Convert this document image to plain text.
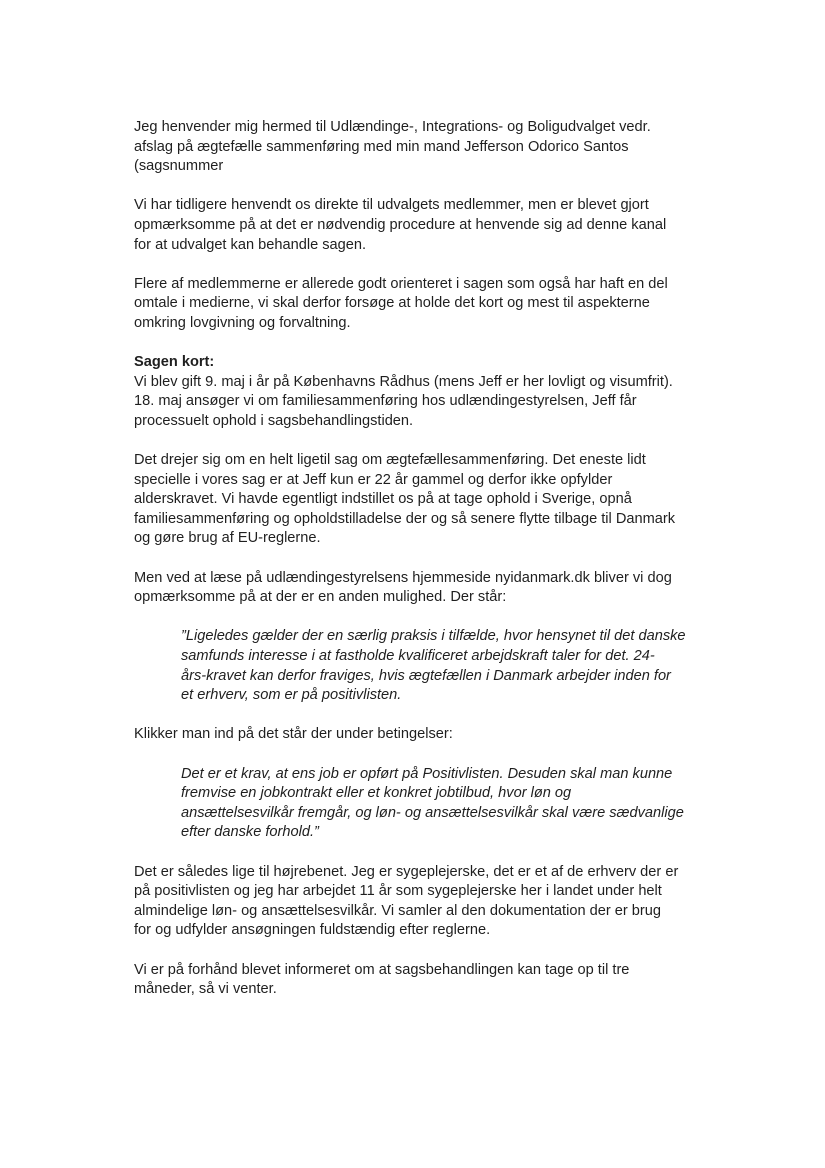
Jeg henvender mig hermed til Udlændinge-, Integrations- og Boligudvalget vedr.
afslag på ægtefælle sammenføring med min mand Jefferson Odorico Santos
(sagsnummer
Vi har tidligere henvendt os direkte til udvalgets medlemmer, men er blevet gjort
opmærksomme på at det er nødvendig procedure at henvende sig ad denne kanal
for at udvalget kan behandle sagen.
Flere af medlemmerne er allerede godt orienteret i sagen som også har haft en del
omtale i medierne, vi skal derfor forsøge at holde det kort og mest til aspekterne
omkring lovgivning og forvaltning.
Sagen kort:
Vi blev gift 9. maj i år på Københavns Rådhus (mens Jeff er her lovligt og visumfrit).
18. maj ansøger vi om familiesammenføring hos udlændingestyrelsen, Jeff får
processuelt ophold i sagsbehandlingstiden.
Det drejer sig om en helt ligetil sag om ægtefællesammenføring. Det eneste lidt
specielle i vores sag er at Jeff kun er 22 år gammel og derfor ikke opfylder
alderskravet. Vi havde egentligt indstillet os på at tage ophold i Sverige, opnå
familiesammenføring og opholdstilladelse der og så senere flytte tilbage til Danmark
og gøre brug af EU-reglerne.
Men ved at læse på udlændingestyrelsens hjemmeside nyidanmark.dk bliver vi dog
opmærksomme på at der er en anden mulighed. Der står:
”Ligeledes gælder der en særlig praksis i tilfælde, hvor hensynet til det danske
samfunds interesse i at fastholde kvalificeret arbejdskraft taler for det. 24-
års-kravet kan derfor fraviges, hvis ægtefællen i Danmark arbejder inden for
et erhverv, som er på positivlisten.
Klikker man ind på det står der under betingelser:
Det er et krav, at ens job er opført på Positivlisten. Desuden skal man kunne
fremvise en jobkontrakt eller et konkret jobtilbud, hvor løn og
ansættelsesvilkår fremgår, og løn- og ansættelsesvilkår skal være sædvanlige
efter danske forhold.”
Det er således lige til højrebenet. Jeg er sygeplejerske, det er et af de erhverv der er
på positivlisten og jeg har arbejdet 11 år som sygeplejerske her i landet under helt
almindelige løn- og ansættelsesvilkår. Vi samler al den dokumentation der er brug
for og udfylder ansøgningen fuldstændig efter reglerne.
Vi er på forhånd blevet informeret om at sagsbehandlingen kan tage op til tre
måneder, så vi venter.
